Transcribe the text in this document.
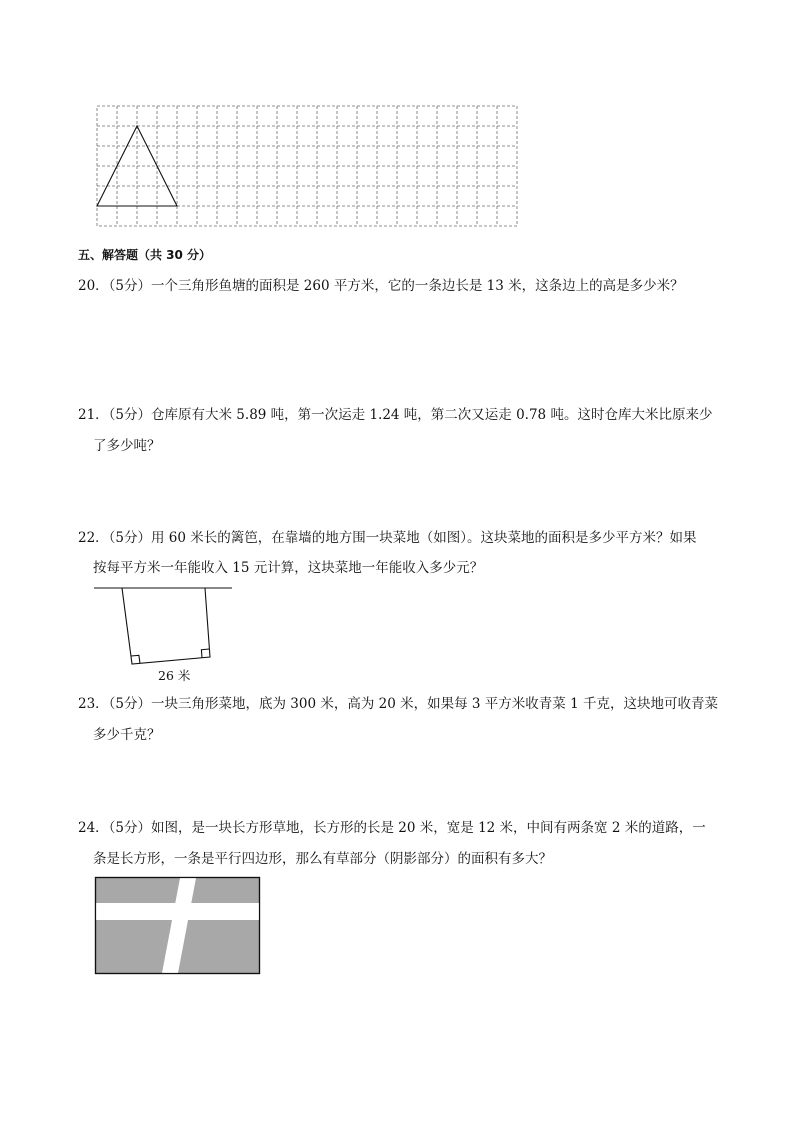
五、解答题（共 30 分）
20．（5分）一个三角形鱼塘的面积是 260 平方米，它的一条边长是 13 米，这条边上的高是多少米？
21．（5分）仓库原有大米 5.89 吨，第一次运走 1.24 吨，第二次又运走 0.78 吨。这时仓库大米比原来少
了多少吨？
22．（5分）用 60 米长的篱笆，在靠墙的地方围一块菜地（如图）。这块菜地的面积是多少平方米？如果
按每平方米一年能收入 15 元计算，这块菜地一年能收入多少元？
26 米
23．（5分）一块三角形菜地，底为 300 米，高为 20 米，如果每 3 平方米收青菜 1 千克，这块地可收青菜
多少千克？
24．（5分）如图，是一块长方形草地，长方形的长是 20 米，宽是 12 米，中间有两条宽 2 米的道路，一
条是长方形，一条是平行四边形，那么有草部分（阴影部分）的面积有多大？
